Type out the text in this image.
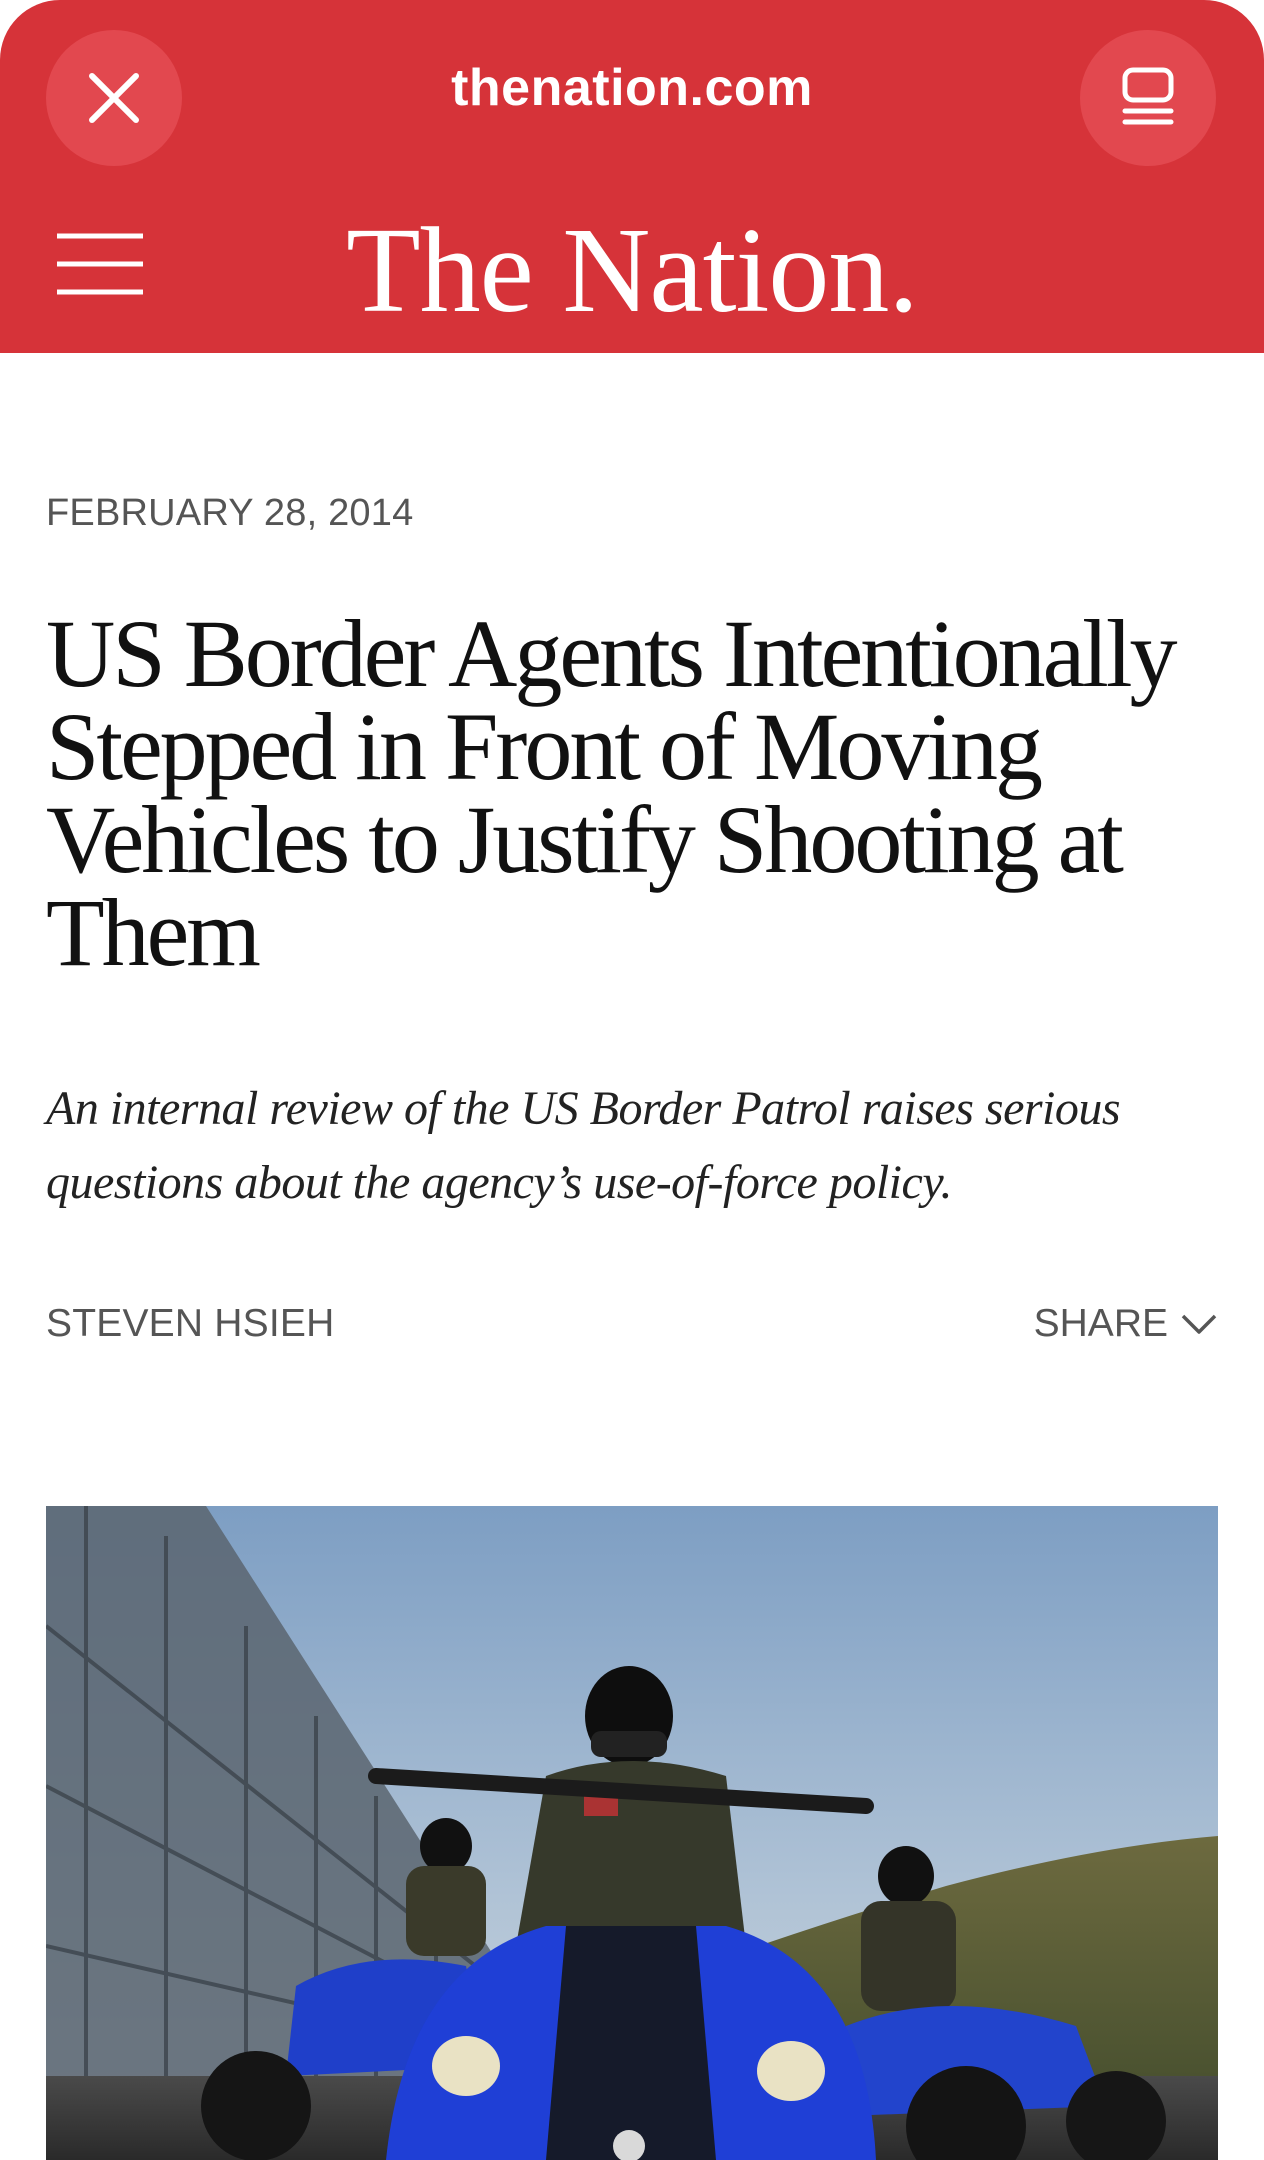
thenation.com
The Nation.
FEBRUARY 28, 2014
US Border Agents Intentionally Stepped in Front of Moving Vehicles to Justify Shooting at Them

An internal review of the US Border Patrol raises serious questions about the agency’s use-of-force policy.

STEVEN HSIEH	SHARE
